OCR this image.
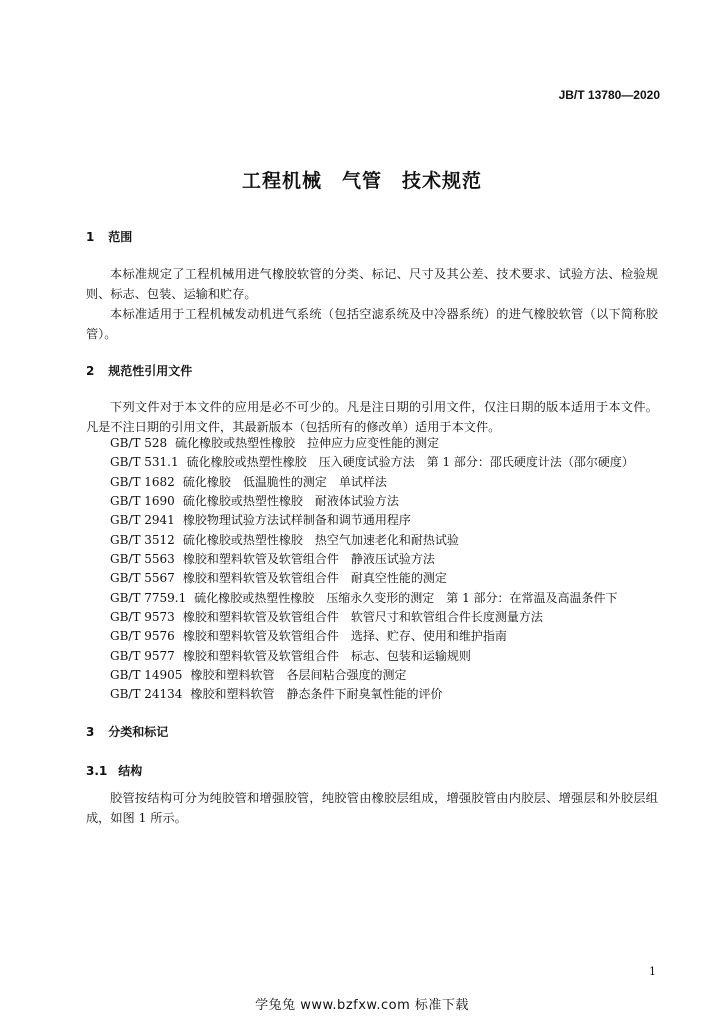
JB/T 13780—2020
工程机械　气管　技术规范
1 范围
本标准规定了工程机械用进气橡胶软管的分类、标记、尺寸及其公差、技术要求、试验方法、检验规则、标志、包装、运输和贮存。
本标准适用于工程机械发动机进气系统（包括空滤系统及中冷器系统）的进气橡胶软管（以下简称胶管）。
2 规范性引用文件
下列文件对于本文件的应用是必不可少的。凡是注日期的引用文件，仅注日期的版本适用于本文件。凡是不注日期的引用文件，其最新版本（包括所有的修改单）适用于本文件。
GB/T 528 硫化橡胶或热塑性橡胶　拉伸应力应变性能的测定
GB/T 531.1 硫化橡胶或热塑性橡胶　压入硬度试验方法　第 1 部分：邵氏硬度计法（邵尔硬度）
GB/T 1682 硫化橡胶　低温脆性的测定　单试样法
GB/T 1690 硫化橡胶或热塑性橡胶　耐液体试验方法
GB/T 2941 橡胶物理试验方法试样制备和调节通用程序
GB/T 3512 硫化橡胶或热塑性橡胶　热空气加速老化和耐热试验
GB/T 5563 橡胶和塑料软管及软管组合件　静液压试验方法
GB/T 5567 橡胶和塑料软管及软管组合件　耐真空性能的测定
GB/T 7759.1 硫化橡胶或热塑性橡胶　压缩永久变形的测定　第 1 部分：在常温及高温条件下
GB/T 9573 橡胶和塑料软管及软管组合件　软管尺寸和软管组合件长度测量方法
GB/T 9576 橡胶和塑料软管及软管组合件　选择、贮存、使用和维护指南
GB/T 9577 橡胶和塑料软管及软管组合件　标志、包装和运输规则
GB/T 14905 橡胶和塑料软管　各层间粘合强度的测定
GB/T 24134 橡胶和塑料软管　静态条件下耐臭氧性能的评价
3 分类和标记
3.1 结构
胶管按结构可分为纯胶管和增强胶管，纯胶管由橡胶层组成，增强胶管由内胶层、增强层和外胶层组成，如图 1 所示。
1
学兔兔 www.bzfxw.com 标准下载
